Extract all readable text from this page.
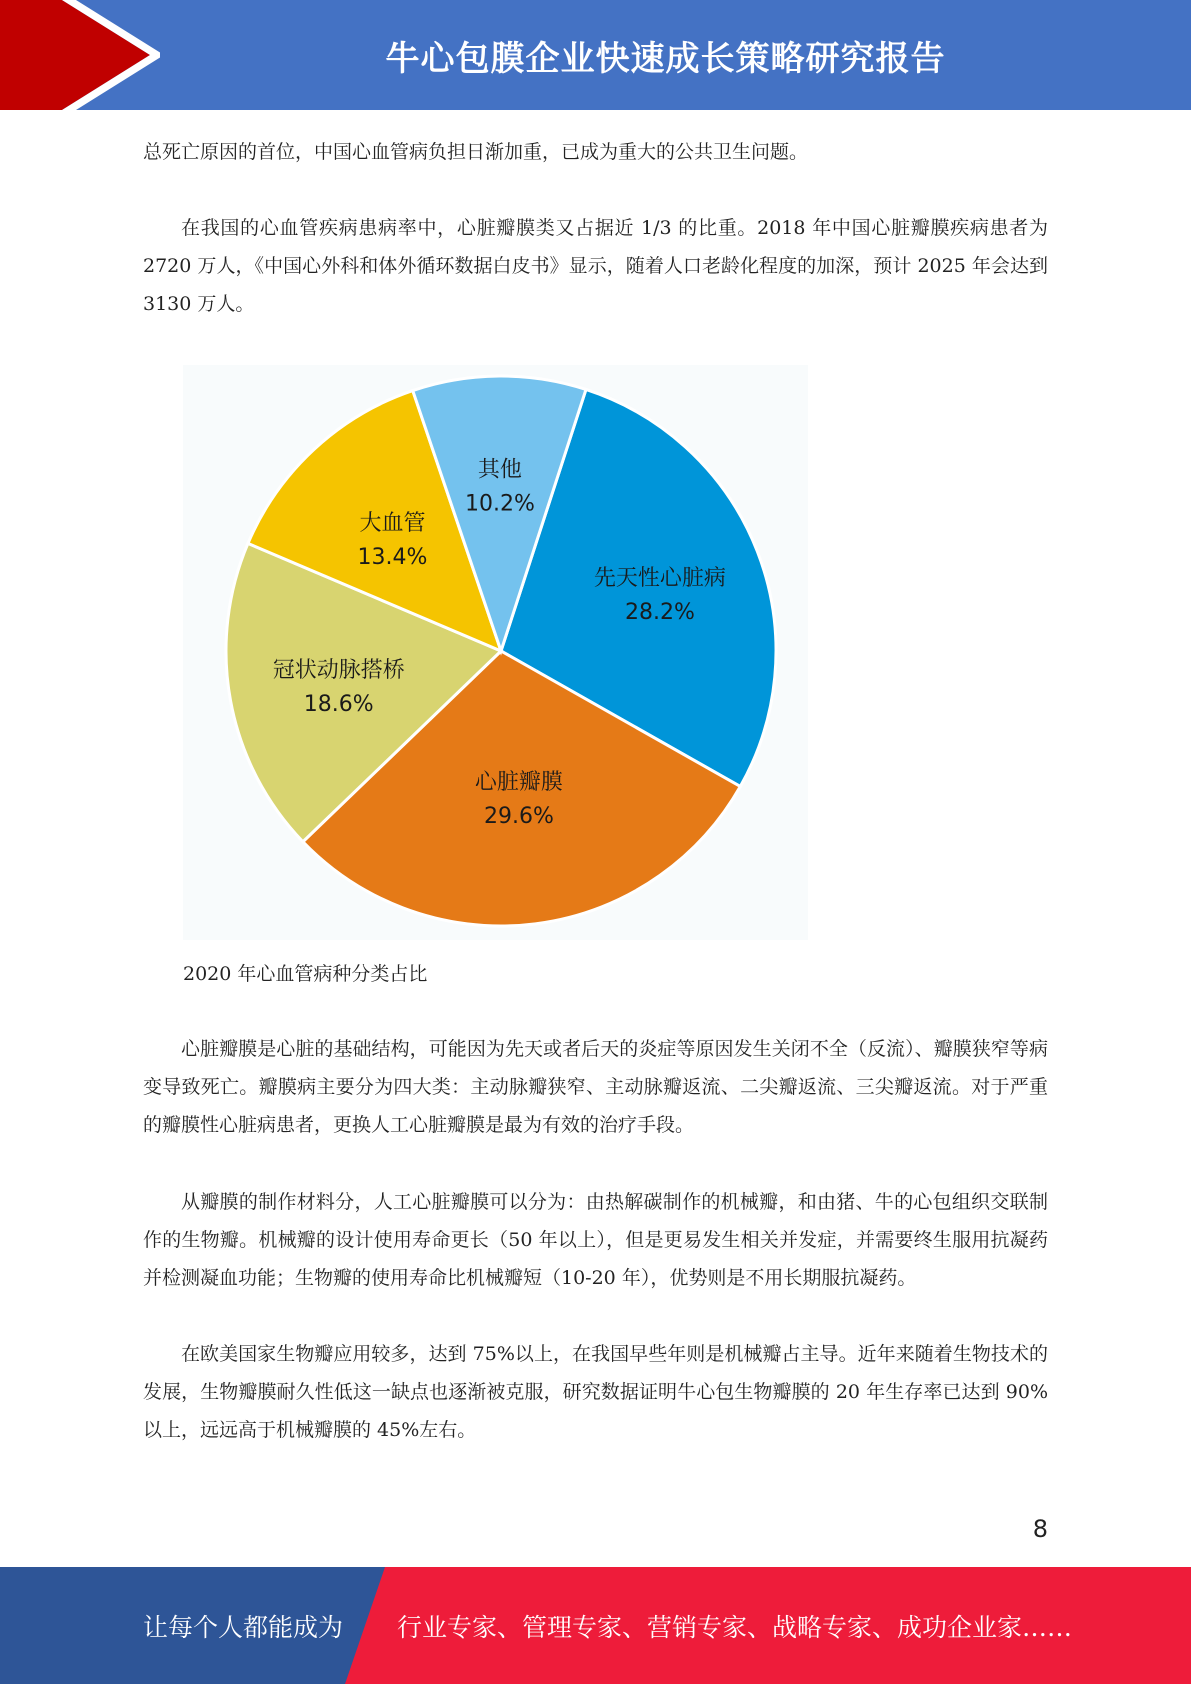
牛心包膜企业快速成长策略研究报告

总死亡原因的首位，中国心血管病负担日渐加重，已成为重大的公共卫生问题。

在我国的心血管疾病患病率中，心脏瓣膜类又占据近 1/3 的比重。2018 年中国心脏瓣膜疾病患者为 2720 万人，《中国心外科和体外循环数据白皮书》显示，随着人口老龄化程度的加深，预计 2025 年会达到 3130 万人。

先天性心脏病
28.2%
心脏瓣膜
29.6%
冠状动脉搭桥
18.6%
大血管
13.4%
其他
10.2%
2020 年心血管病种分类占比

心脏瓣膜是心脏的基础结构，可能因为先天或者后天的炎症等原因发生关闭不全（反流）、瓣膜狭窄等病变导致死亡。瓣膜病主要分为四大类：主动脉瓣狭窄、主动脉瓣返流、二尖瓣返流、三尖瓣返流。对于严重的瓣膜性心脏病患者，更换人工心脏瓣膜是最为有效的治疗手段。

从瓣膜的制作材料分，人工心脏瓣膜可以分为：由热解碳制作的机械瓣，和由猪、牛的心包组织交联制作的生物瓣。机械瓣的设计使用寿命更长（50 年以上），但是更易发生相关并发症，并需要终生服用抗凝药并检测凝血功能；生物瓣的使用寿命比机械瓣短（10-20 年），优势则是不用长期服抗凝药。

在欧美国家生物瓣应用较多，达到 75%以上，在我国早些年则是机械瓣占主导。近年来随着生物技术的发展，生物瓣膜耐久性低这一缺点也逐渐被克服，研究数据证明牛心包生物瓣膜的 20 年生存率已达到 90%以上，远远高于机械瓣膜的 45%左右。

8
让每个人都能成为 行业专家、管理专家、营销专家、战略专家、成功企业家……
